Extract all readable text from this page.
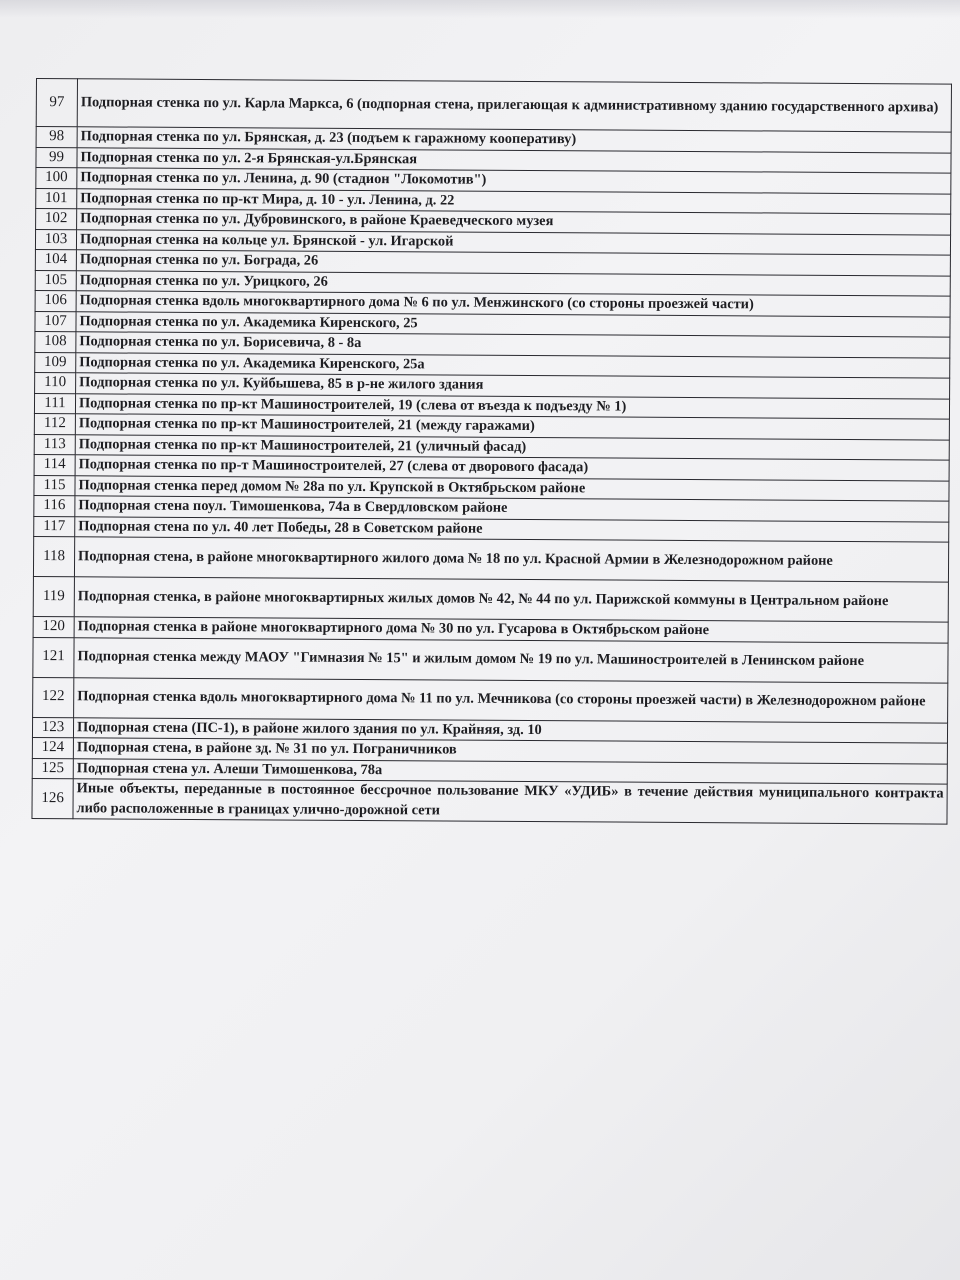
97	Подпорная стенка по ул. Карла Маркса, 6 (подпорная стена, прилегающая к административному зданию государственного архива)
98	Подпорная стенка по ул. Брянская, д. 23 (подъем к гаражному кооперативу)
99	Подпорная стенка по ул. 2-я Брянская-ул.Брянская
100	Подпорная стенка по ул. Ленина, д. 90 (стадион "Локомотив")
101	Подпорная стенка по пр-кт Мира, д. 10 - ул. Ленина, д. 22
102	Подпорная стенка по ул. Дубровинского, в районе Краеведческого музея
103	Подпорная стенка на кольце ул. Брянской - ул. Игарской
104	Подпорная стенка по ул. Бограда, 26
105	Подпорная стенка по ул. Урицкого, 26
106	Подпорная стенка вдоль многоквартирного дома № 6 по ул. Менжинского (со стороны проезжей части)
107	Подпорная стенка по ул. Академика Киренского, 25
108	Подпорная стенка по ул. Борисевича, 8 - 8а
109	Подпорная стенка по ул. Академика Киренского, 25а
110	Подпорная стенка по ул. Куйбышева, 85 в р-не жилого здания
111	Подпорная стенка по пр-кт Машиностроителей, 19 (слева от въезда к подъезду № 1)
112	Подпорная стенка по пр-кт Машиностроителей, 21 (между гаражами)
113	Подпорная стенка по пр-кт Машиностроителей, 21 (уличный фасад)
114	Подпорная стенка по пр-т Машиностроителей, 27 (слева от дворового фасада)
115	Подпорная стенка перед домом № 28а по ул. Крупской в Октябрьском районе
116	Подпорная стена поул. Тимошенкова, 74а в Свердловском районе
117	Подпорная стена по ул. 40 лет Победы, 28 в Советском районе
118	Подпорная стена, в районе многоквартирного жилого дома № 18 по ул. Красной Армии в Железнодорожном районе
119	Подпорная стенка, в районе многоквартирных жилых домов № 42, № 44 по ул. Парижской коммуны в Центральном районе
120	Подпорная стенка в районе многоквартирного дома № 30 по ул. Гусарова в Октябрьском районе
121	Подпорная стенка между МАОУ "Гимназия № 15" и жилым домом № 19 по ул. Машиностроителей в Ленинском районе
122	Подпорная стенка вдоль многоквартирного дома № 11 по ул. Мечникова (со стороны проезжей части) в Железнодорожном районе
123	Подпорная стена (ПС-1), в районе жилого здания по ул. Крайняя, зд. 10
124	Подпорная стена, в районе зд. № 31 по ул. Пограничников
125	Подпорная стена ул. Алеши Тимошенкова, 78а
126	Иные объекты, переданные в постоянное бессрочное пользование МКУ «УДИБ» в течение действия муниципального контракта либо расположенные в границах улично-дорожной сети
